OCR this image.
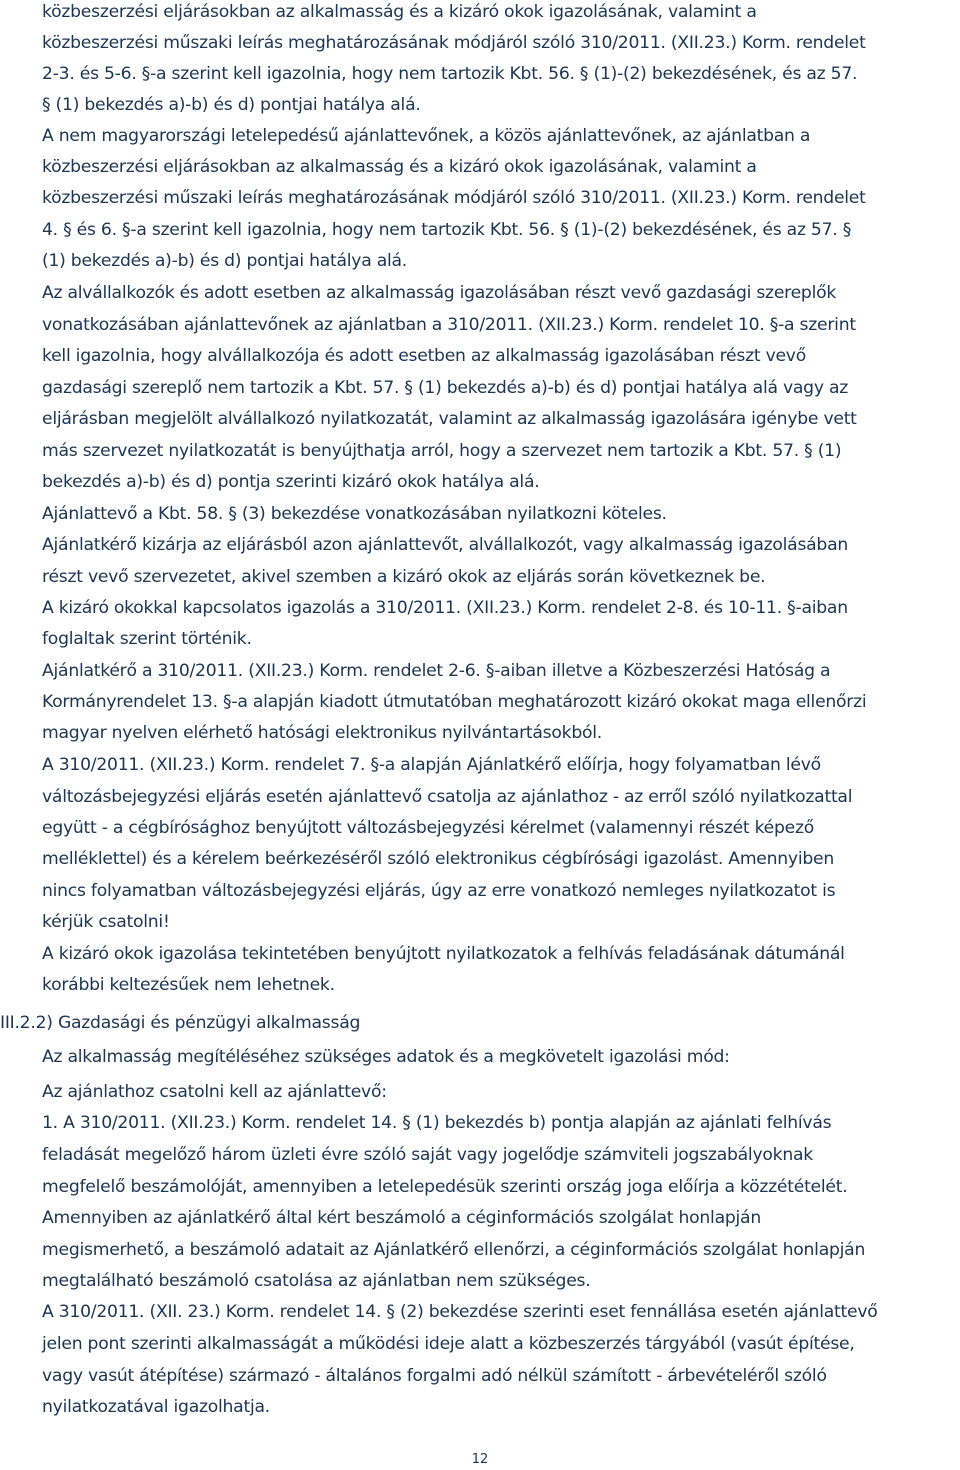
közbeszerzési eljárásokban az alkalmasság és a kizáró okok igazolásának, valamint a
közbeszerzési műszaki leírás meghatározásának módjáról szóló 310/2011. (XII.23.) Korm. rendelet
2-3. és 5-6. §-a szerint kell igazolnia, hogy nem tartozik Kbt. 56. § (1)-(2) bekezdésének, és az 57.
§ (1) bekezdés a)-b) és d) pontjai hatálya alá.
A nem magyarországi letelepedésű ajánlattevőnek, a közös ajánlattevőnek, az ajánlatban a
közbeszerzési eljárásokban az alkalmasság és a kizáró okok igazolásának, valamint a
közbeszerzési műszaki leírás meghatározásának módjáról szóló 310/2011. (XII.23.) Korm. rendelet
4. § és 6. §-a szerint kell igazolnia, hogy nem tartozik Kbt. 56. § (1)-(2) bekezdésének, és az 57. §
(1) bekezdés a)-b) és d) pontjai hatálya alá.
Az alvállalkozók és adott esetben az alkalmasság igazolásában részt vevő gazdasági szereplők
vonatkozásában ajánlattevőnek az ajánlatban a 310/2011. (XII.23.) Korm. rendelet 10. §-a szerint
kell igazolnia, hogy alvállalkozója és adott esetben az alkalmasság igazolásában részt vevő
gazdasági szereplő nem tartozik a Kbt. 57. § (1) bekezdés a)-b) és d) pontjai hatálya alá vagy az
eljárásban megjelölt alvállalkozó nyilatkozatát, valamint az alkalmasság igazolására igénybe vett
más szervezet nyilatkozatát is benyújthatja arról, hogy a szervezet nem tartozik a Kbt. 57. § (1)
bekezdés a)-b) és d) pontja szerinti kizáró okok hatálya alá.
Ajánlattevő a Kbt. 58. § (3) bekezdése vonatkozásában nyilatkozni köteles.
Ajánlatkérő kizárja az eljárásból azon ajánlattevőt, alvállalkozót, vagy alkalmasság igazolásában
részt vevő szervezetet, akivel szemben a kizáró okok az eljárás során következnek be.
A kizáró okokkal kapcsolatos igazolás a 310/2011. (XII.23.) Korm. rendelet 2-8. és 10-11. §-aiban
foglaltak szerint történik.
Ajánlatkérő a 310/2011. (XII.23.) Korm. rendelet 2-6. §-aiban illetve a Közbeszerzési Hatóság a
Kormányrendelet 13. §-a alapján kiadott útmutatóban meghatározott kizáró okokat maga ellenőrzi
magyar nyelven elérhető hatósági elektronikus nyilvántartásokból.
A 310/2011. (XII.23.) Korm. rendelet 7. §-a alapján Ajánlatkérő előírja, hogy folyamatban lévő
változásbejegyzési eljárás esetén ajánlattevő csatolja az ajánlathoz - az erről szóló nyilatkozattal
együtt - a cégbírósághoz benyújtott változásbejegyzési kérelmet (valamennyi részét képező
melléklettel) és a kérelem beérkezéséről szóló elektronikus cégbírósági igazolást. Amennyiben
nincs folyamatban változásbejegyzési eljárás, úgy az erre vonatkozó nemleges nyilatkozatot is
kérjük csatolni!
A kizáró okok igazolása tekintetében benyújtott nyilatkozatok a felhívás feladásának dátumánál
korábbi keltezésűek nem lehetnek.
III.2.2) Gazdasági és pénzügyi alkalmasság
Az alkalmasság megítéléséhez szükséges adatok és a megkövetelt igazolási mód:
Az ajánlathoz csatolni kell az ajánlattevő:
1. A 310/2011. (XII.23.) Korm. rendelet 14. § (1) bekezdés b) pontja alapján az ajánlati felhívás
feladását megelőző három üzleti évre szóló saját vagy jogelődje számviteli jogszabályoknak
megfelelő beszámolóját, amennyiben a letelepedésük szerinti ország joga előírja a közzétételét.
Amennyiben az ajánlatkérő által kért beszámoló a céginformációs szolgálat honlapján
megismerhető, a beszámoló adatait az Ajánlatkérő ellenőrzi, a céginformációs szolgálat honlapján
megtalálható beszámoló csatolása az ajánlatban nem szükséges.
A 310/2011. (XII. 23.) Korm. rendelet 14. § (2) bekezdése szerinti eset fennállása esetén ajánlattevő
jelen pont szerinti alkalmasságát a működési ideje alatt a közbeszerzés tárgyából (vasút építése,
vagy vasút átépítése) származó - általános forgalmi adó nélkül számított - árbevételéről szóló
nyilatkozatával igazolhatja.
12
